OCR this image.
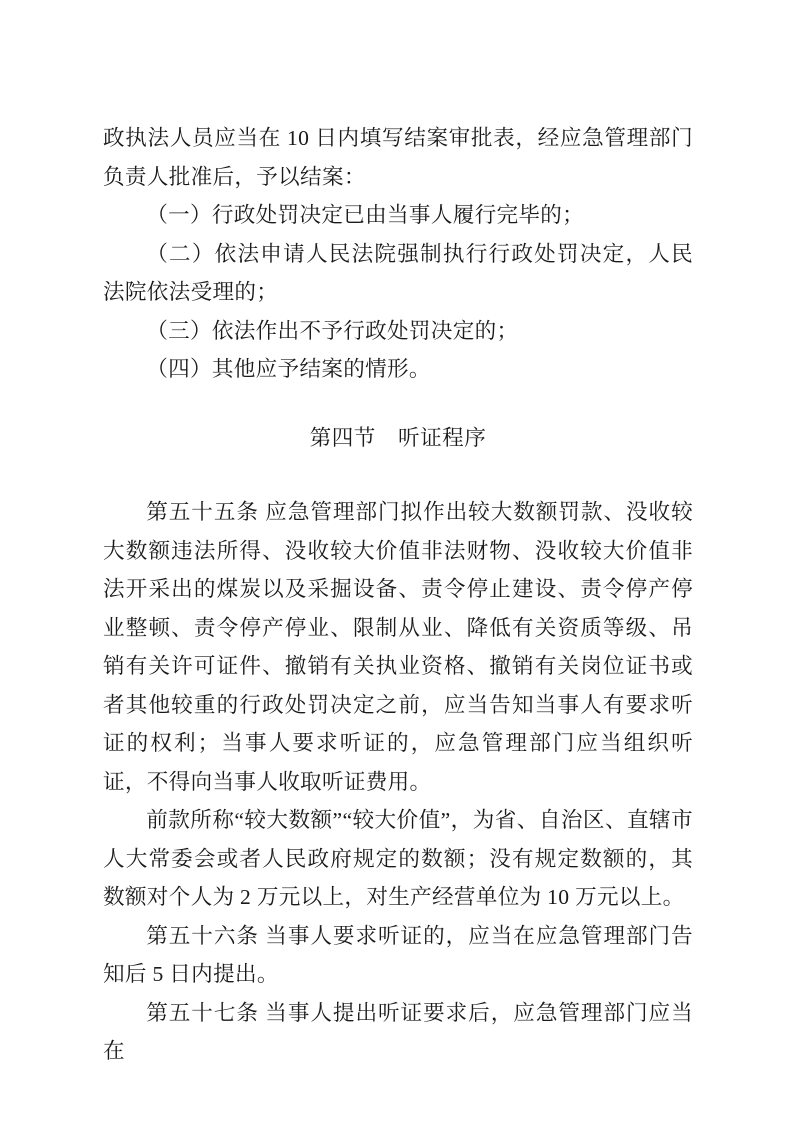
政执法人员应当在 10 日内填写结案审批表，经应急管理部门负责人批准后，予以结案：

（一）行政处罚决定已由当事人履行完毕的；

（二）依法申请人民法院强制执行行政处罚决定，人民法院依法受理的；

（三）依法作出不予行政处罚决定的；

（四）其他应予结案的情形。

第四节　听证程序

第五十五条 应急管理部门拟作出较大数额罚款、没收较大数额违法所得、没收较大价值非法财物、没收较大价值非法开采出的煤炭以及采掘设备、责令停止建设、责令停产停业整顿、责令停产停业、限制从业、降低有关资质等级、吊销有关许可证件、撤销有关执业资格、撤销有关岗位证书或者其他较重的行政处罚决定之前，应当告知当事人有要求听证的权利；当事人要求听证的，应急管理部门应当组织听证，不得向当事人收取听证费用。

前款所称“较大数额”“较大价值”，为省、自治区、直辖市人大常委会或者人民政府规定的数额；没有规定数额的，其数额对个人为 2 万元以上，对生产经营单位为 10 万元以上。

第五十六条 当事人要求听证的，应当在应急管理部门告知后 5 日内提出。

第五十七条 当事人提出听证要求后，应急管理部门应当在
